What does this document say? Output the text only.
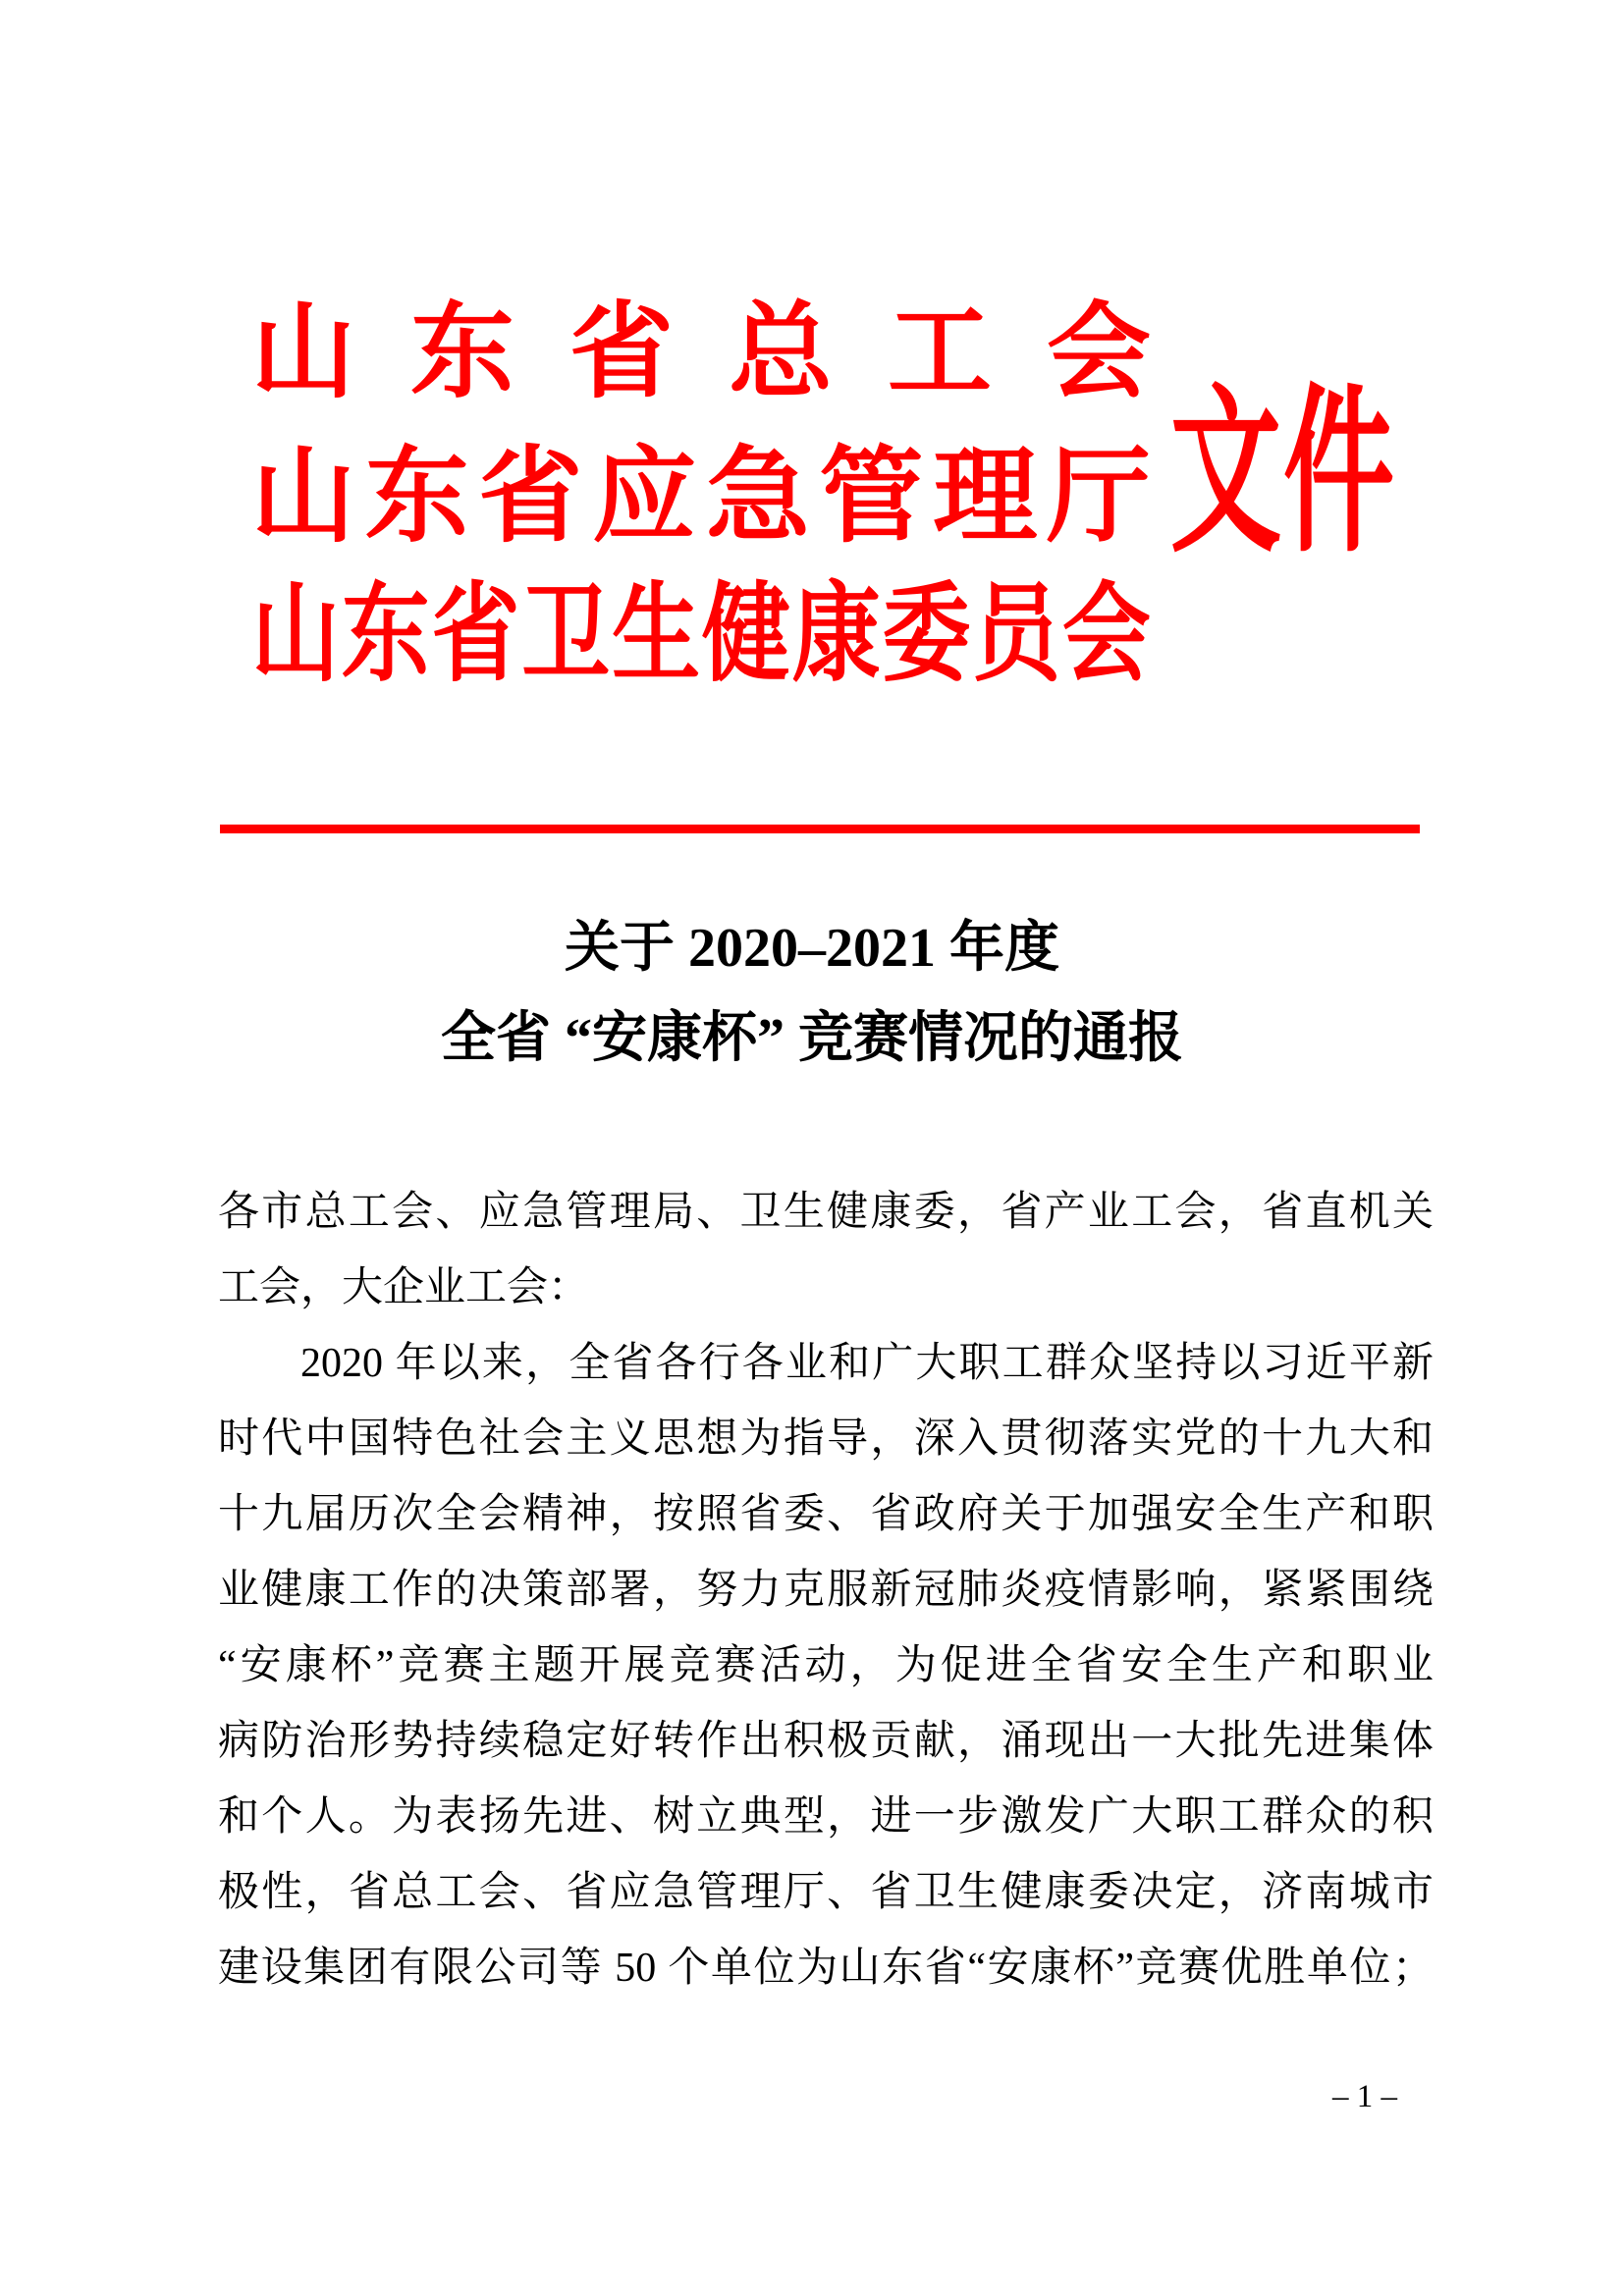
山 东 省 总 工 会
山 东 省 应 急 管 理 厅
山 东 省 卫 生 健 康 委 员 会
文件
关于 2020–2021 年度
全省 “安康杯” 竞赛情况的通报
各市总工会、应急管理局、卫生健康委，省产业工会，省直机关
工会，大企业工会：
2020 年以来，全省各行各业和广大职工群众坚持以习近平新
时代中国特色社会主义思想为指导，深入贯彻落实党的十九大和
十九届历次全会精神，按照省委、省政府关于加强安全生产和职
业健康工作的决策部署，努力克服新冠肺炎疫情影响，紧紧围绕
“安康杯”竞赛主题开展竞赛活动，为促进全省安全生产和职业
病防治形势持续稳定好转作出积极贡献，涌现出一大批先进集体
和个人。为表扬先进、树立典型，进一步激发广大职工群众的积
极性，省总工会、省应急管理厅、省卫生健康委决定，济南城市
建设集团有限公司等 50 个单位为山东省“安康杯”竞赛优胜单位；
– 1 –
